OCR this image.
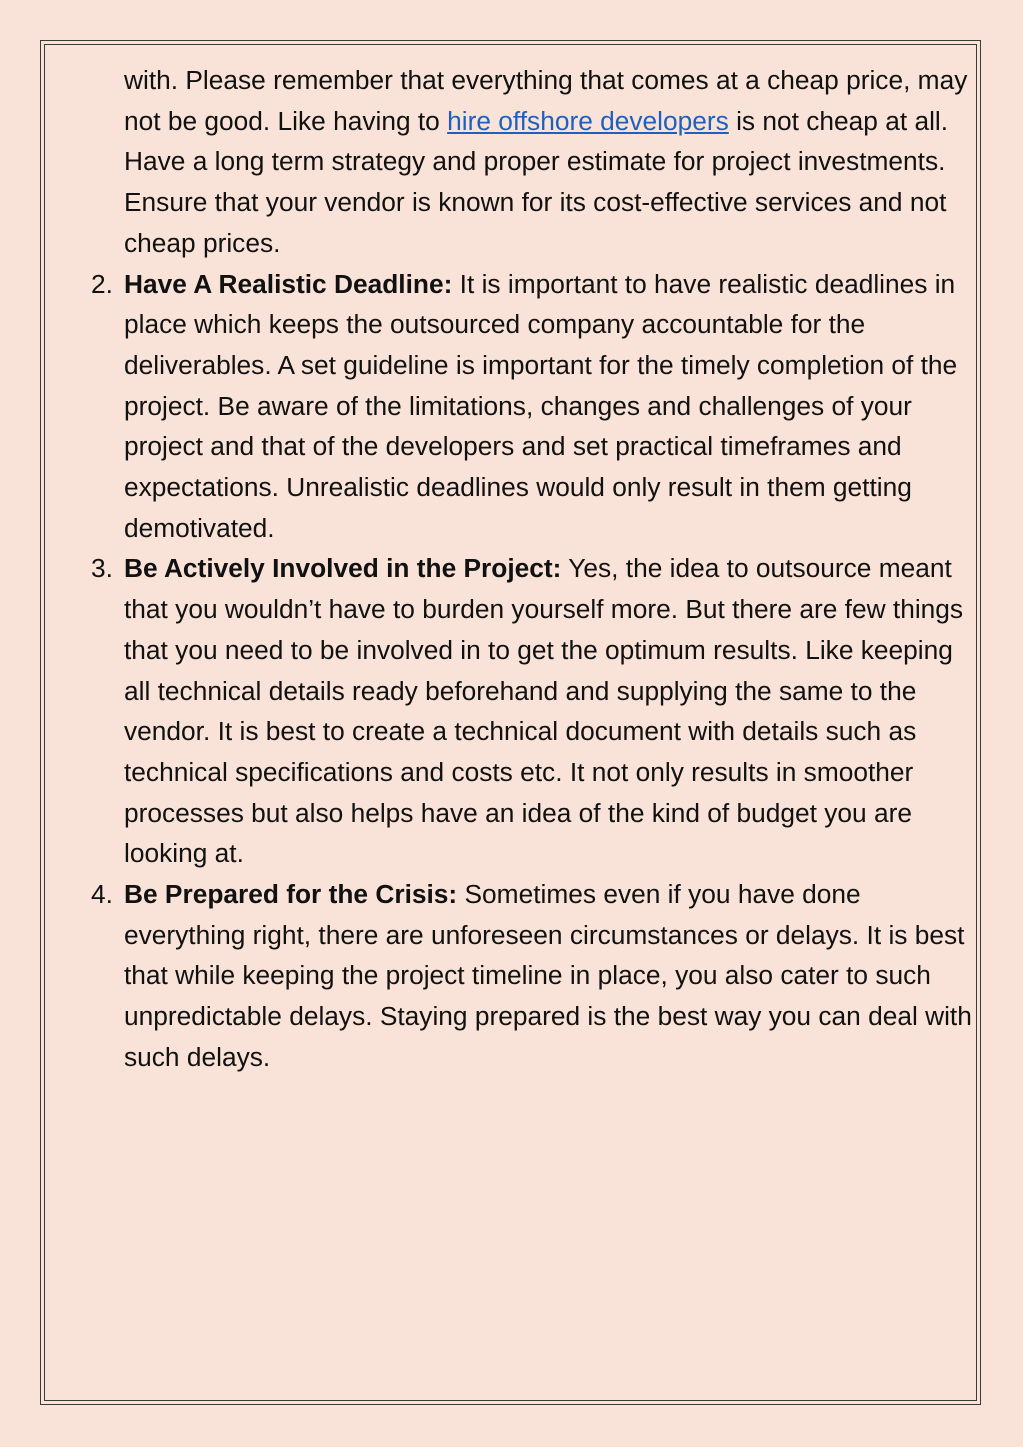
with. Please remember that everything that comes at a cheap price, may not be good. Like having to hire offshore developers is not cheap at all. Have a long term strategy and proper estimate for project investments. Ensure that your vendor is known for its cost-effective services and not cheap prices.

2. Have A Realistic Deadline: It is important to have realistic deadlines in place which keeps the outsourced company accountable for the deliverables. A set guideline is important for the timely completion of the project. Be aware of the limitations, changes and challenges of your project and that of the developers and set practical timeframes and expectations. Unrealistic deadlines would only result in them getting demotivated.

3. Be Actively Involved in the Project: Yes, the idea to outsource meant that you wouldn’t have to burden yourself more. But there are few things that you need to be involved in to get the optimum results. Like keeping all technical details ready beforehand and supplying the same to the vendor. It is best to create a technical document with details such as technical specifications and costs etc. It not only results in smoother processes but also helps have an idea of the kind of budget you are looking at.

4. Be Prepared for the Crisis: Sometimes even if you have done everything right, there are unforeseen circumstances or delays. It is best that while keeping the project timeline in place, you also cater to such unpredictable delays. Staying prepared is the best way you can deal with such delays.
